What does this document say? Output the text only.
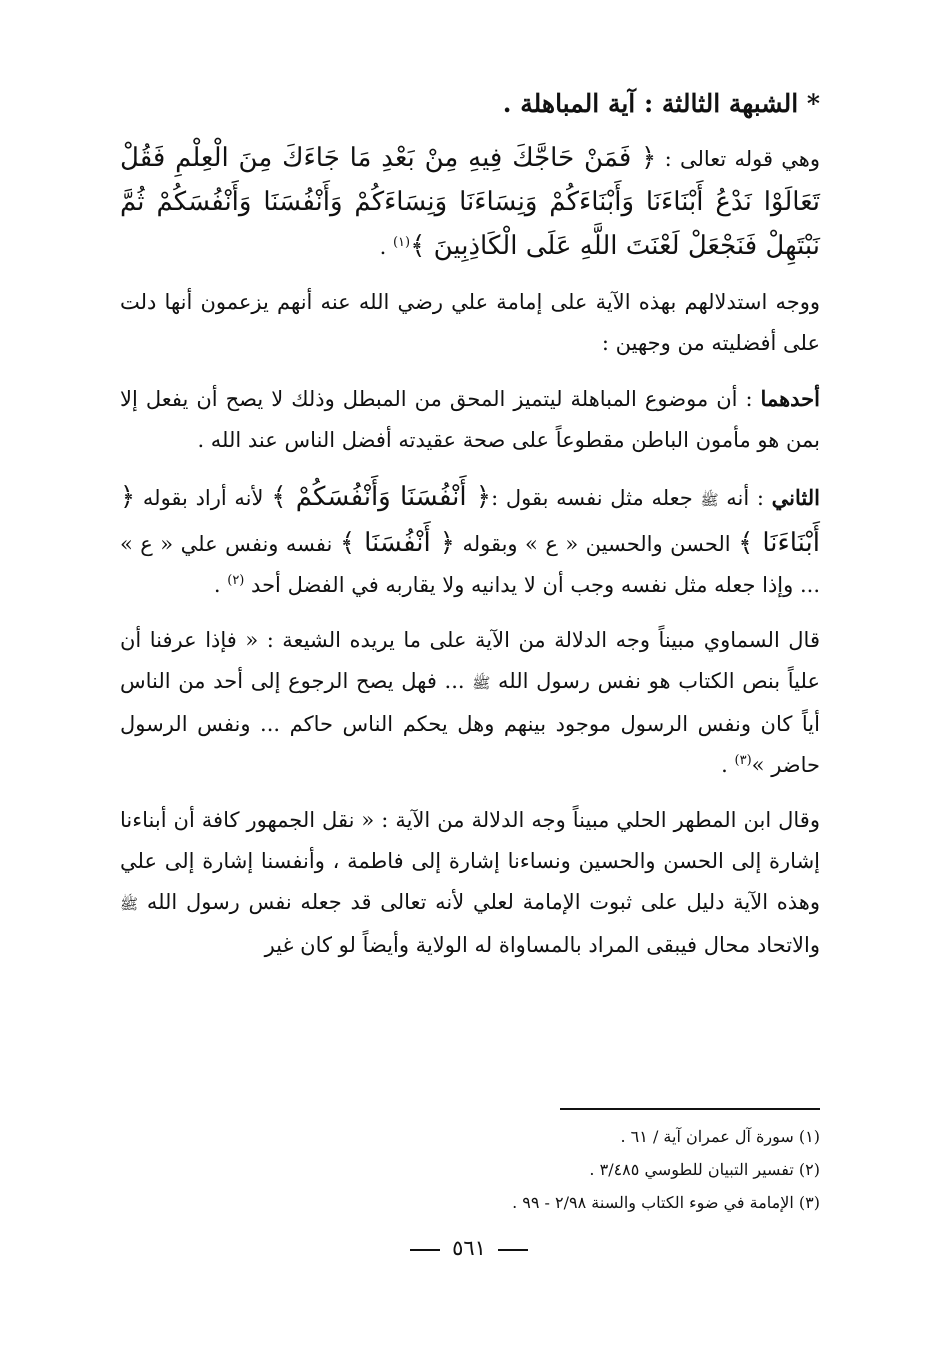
* الشبهة الثالثة : آية المباهلة .

وهي قوله تعالى : ﴿ فَمَنْ حَاجَّكَ فِيهِ مِنْ بَعْدِ مَا جَاءَكَ مِنَ الْعِلْمِ فَقُلْ تَعَالَوْا نَدْعُ أَبْنَاءَنَا وَأَبْنَاءَكُمْ وَنِسَاءَنَا وَنِسَاءَكُمْ وَأَنْفُسَنَا وَأَنْفُسَكُمْ ثُمَّ نَبْتَهِلْ فَنَجْعَلْ لَعْنَتَ اللَّهِ عَلَى الْكَاذِبِينَ ﴾$^{(١)}$ .

ووجه استدلالهم بهذه الآية على إمامة علي رضي الله عنه أنهم يزعمون أنها دلت على أفضليته من وجهين :

أحدهما : أن موضوع المباهلة ليتميز المحق من المبطل وذلك لا يصح أن يفعل إلا بمن هو مأمون الباطن مقطوعاً على صحة عقيدته أفضل الناس عند الله .

الثاني : أنه ﷺ جعله مثل نفسه بقول :﴿ أَنْفُسَنَا وَأَنْفُسَكُمْ ﴾ لأنه أراد بقوله ﴿ أَبْنَاءَنَا ﴾ الحسن والحسين « ع » وبقوله ﴿ أَنْفُسَنَا ﴾ نفسه ونفس علي « ع » ... وإذا جعله مثل نفسه وجب أن لا يدانيه ولا يقاربه في الفضل أحد $^{(٢)}$ .

قال السماوي مبيناً وجه الدلالة من الآية على ما يريده الشيعة : « فإذا عرفنا أن علياً بنص الكتاب هو نفس رسول الله ﷺ ... فهل يصح الرجوع إلى أحد من الناس أياً كان ونفس الرسول موجود بينهم وهل يحكم الناس حاكم ... ونفس الرسول حاضر »$^{(٣)}$ .

وقال ابن المطهر الحلي مبيناً وجه الدلالة من الآية : « نقل الجمهور كافة أن أبناءنا إشارة إلى الحسن والحسين ونساءنا إشارة إلى فاطمة ، وأنفسنا إشارة إلى علي وهذه الآية دليل على ثبوت الإمامة لعلي لأنه تعالى قد جعله نفس رسول الله ﷺ والاتحاد محال فيبقى المراد بالمساواة له الولاية وأيضاً لو كان غير

(١) سورة آل عمران آية / ٦١ .
(٢) تفسير التبيان للطوسي ٣/٤٨٥ .
(٣) الإمامة في ضوء الكتاب والسنة ٢/٩٨ - ٩٩ .
٥٦١
